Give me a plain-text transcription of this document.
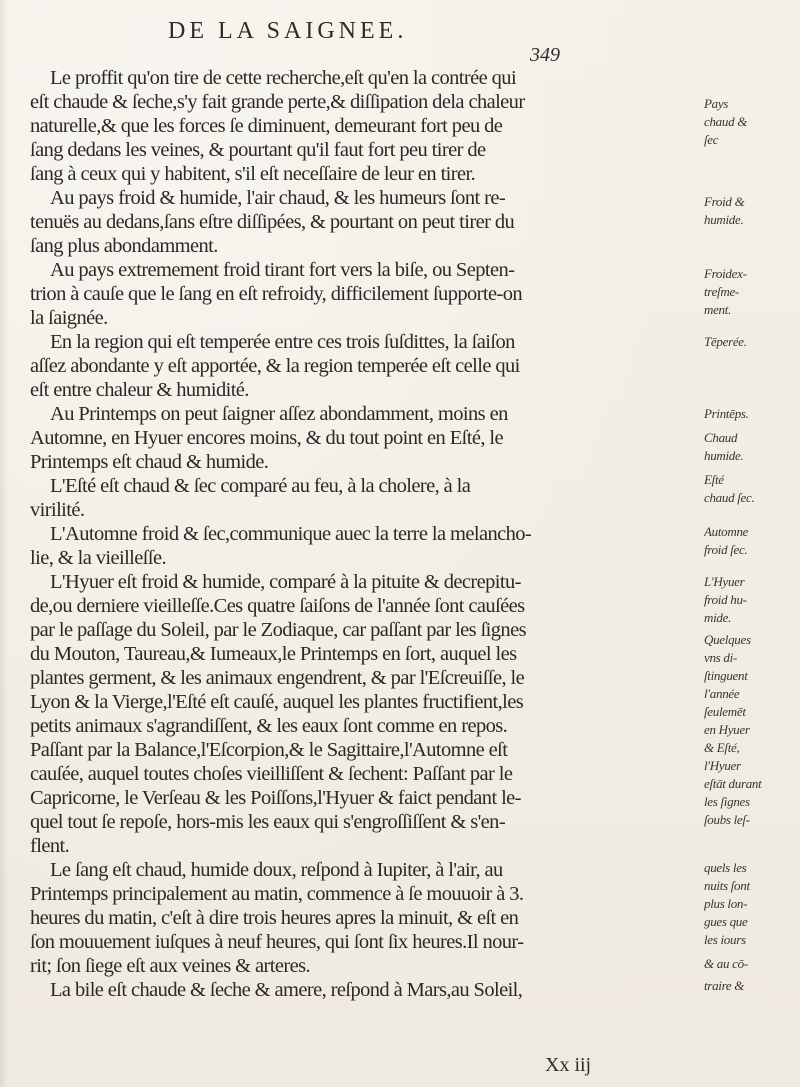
DE LA SAIGNEE.
349
Le proffit qu'on tire de cette recherche,eſt qu'en la contrée qui
eſt chaude & ſeche,s'y fait grande perte,& diſſipation dela chaleur
naturelle,& que les forces ſe diminuent, demeurant fort peu de
ſang dedans les veines, & pourtant qu'il faut fort peu tirer de
ſang à ceux qui y habitent, s'il eſt neceſſaire de leur en tirer.
Au pays froid & humide, l'air chaud, & les humeurs ſont re-
tenuës au dedans,ſans eſtre diſſipées, & pourtant on peut tirer du
ſang plus abondamment.
Au pays extremement froid tirant fort vers la biſe, ou Septen-
trion à cauſe que le ſang en eſt refroidy, difficilement ſupporte-on
la ſaignée.
En la region qui eſt temperée entre ces trois ſuſdittes, la ſaiſon
aſſez abondante y eſt apportée, & la region temperée eſt celle qui
eſt entre chaleur & humidité.
Au Printemps on peut ſaigner aſſez abondamment, moins en
Automne, en Hyuer encores moins, & du tout point en Eſté, le
Printemps eſt chaud & humide.
L'Eſté eſt chaud & ſec comparé au feu, à la cholere, à la
virilité.
L'Automne froid & ſec,communique auec la terre la melancho-
lie, & la vieilleſſe.
L'Hyuer eſt froid & humide, comparé à la pituite & decrepitu-
de,ou derniere vieilleſſe.Ces quatre ſaiſons de l'année ſont cauſées
par le paſſage du Soleil, par le Zodiaque, car paſſant par les ſignes
du Mouton, Taureau,& Iumeaux,le Printemps en ſort, auquel les
plantes germent, & les animaux engendrent, & par l'Eſcreuiſſe, le
Lyon & la Vierge,l'Eſté eſt cauſé, auquel les plantes fructifient,les
petits animaux s'agrandiſſent, & les eaux ſont comme en repos.
Paſſant par la Balance,l'Eſcorpion,& le Sagittaire,l'Automne eſt
cauſée, auquel toutes choſes vieilliſſent & ſechent: Paſſant par le
Capricorne, le Verſeau & les Poiſſons,l'Hyuer & faict pendant le-
quel tout ſe repoſe, hors-mis les eaux qui s'engroſſiſſent & s'en-
flent.
Le ſang eſt chaud, humide doux, reſpond à Iupiter, à l'air, au
Printemps principalement au matin, commence à ſe mouuoir à 3.
heures du matin, c'eſt à dire trois heures apres la minuit, & eſt en
ſon mouuement iuſques à neuf heures, qui ſont ſix heures.Il nour-
rit; ſon ſiege eſt aux veines & arteres.
La bile eſt chaude & ſeche & amere, reſpond à Mars,au Soleil,
Pays
chaud &
ſec
Froid &
humide.
Froidex-
treſme-
ment.
Tēperée.
Printēps.
Chaud
humide.
Eſté
chaud ſec.
Automne
froid ſec.
L'Hyuer
froid hu-
mide.
Quelques
vns di-
ſtinguent
l'année
ſeulemēt
en Hyuer
& Eſté,
l'Hyuer
eſtāt durant
les ſignes
ſoubs leſ-
quels les
nuits ſont
plus lon-
gues que
les iours
& au cō-
traire &
Xx iij
